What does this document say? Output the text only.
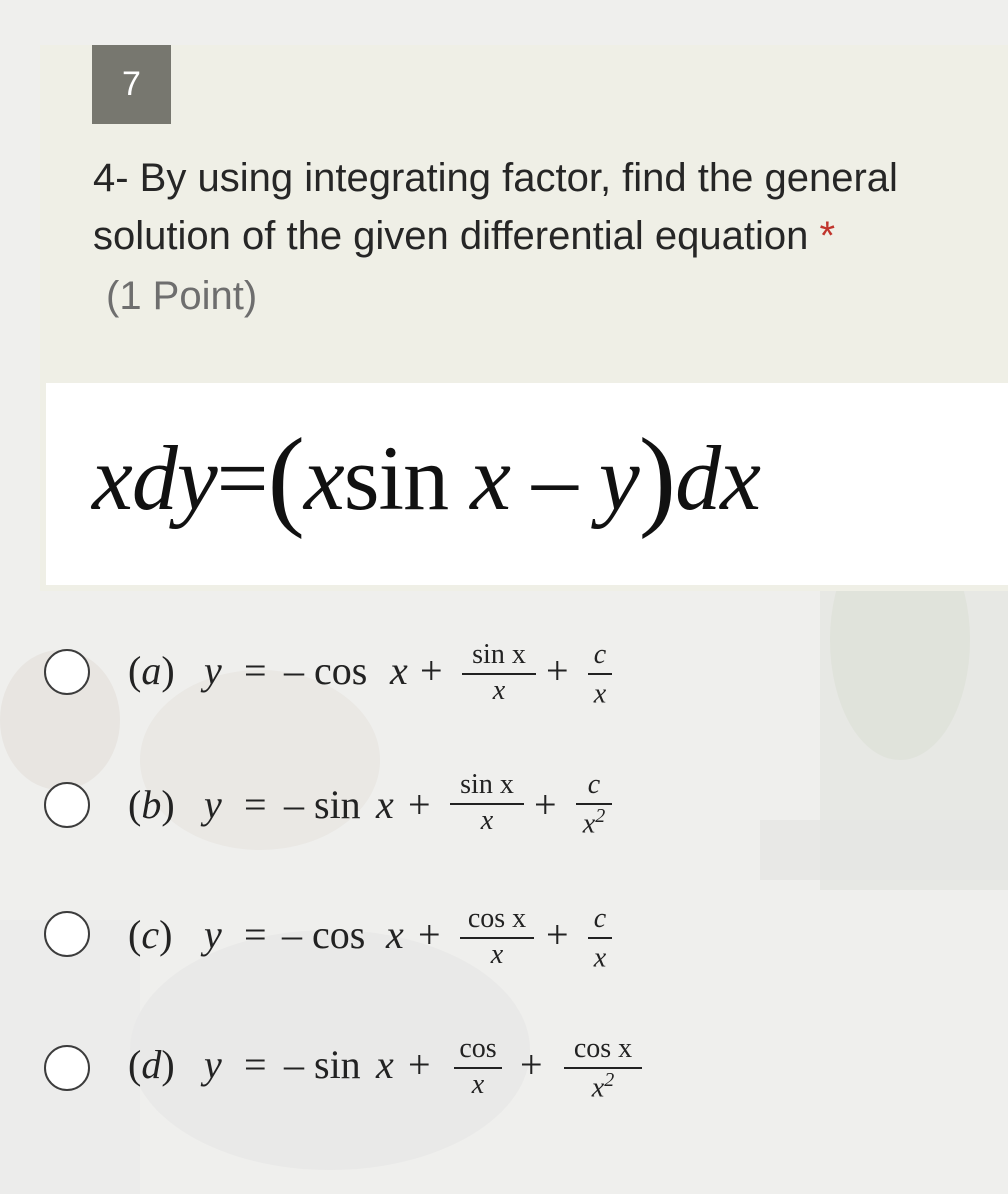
7
4- By using integrating factor, find the general solution of the given differential equation *
(1 Point)

xdy=(xsin x – y)dx

(a) y = – cos x +	sin x
x	+ c
x
(b) y = – sin x +	sin x
x	+	c
$x^2$
(c) y = – cos x + cos x
x	+ c
x
(d) y = – sin x + cos
x +	cos x
$x^2$
